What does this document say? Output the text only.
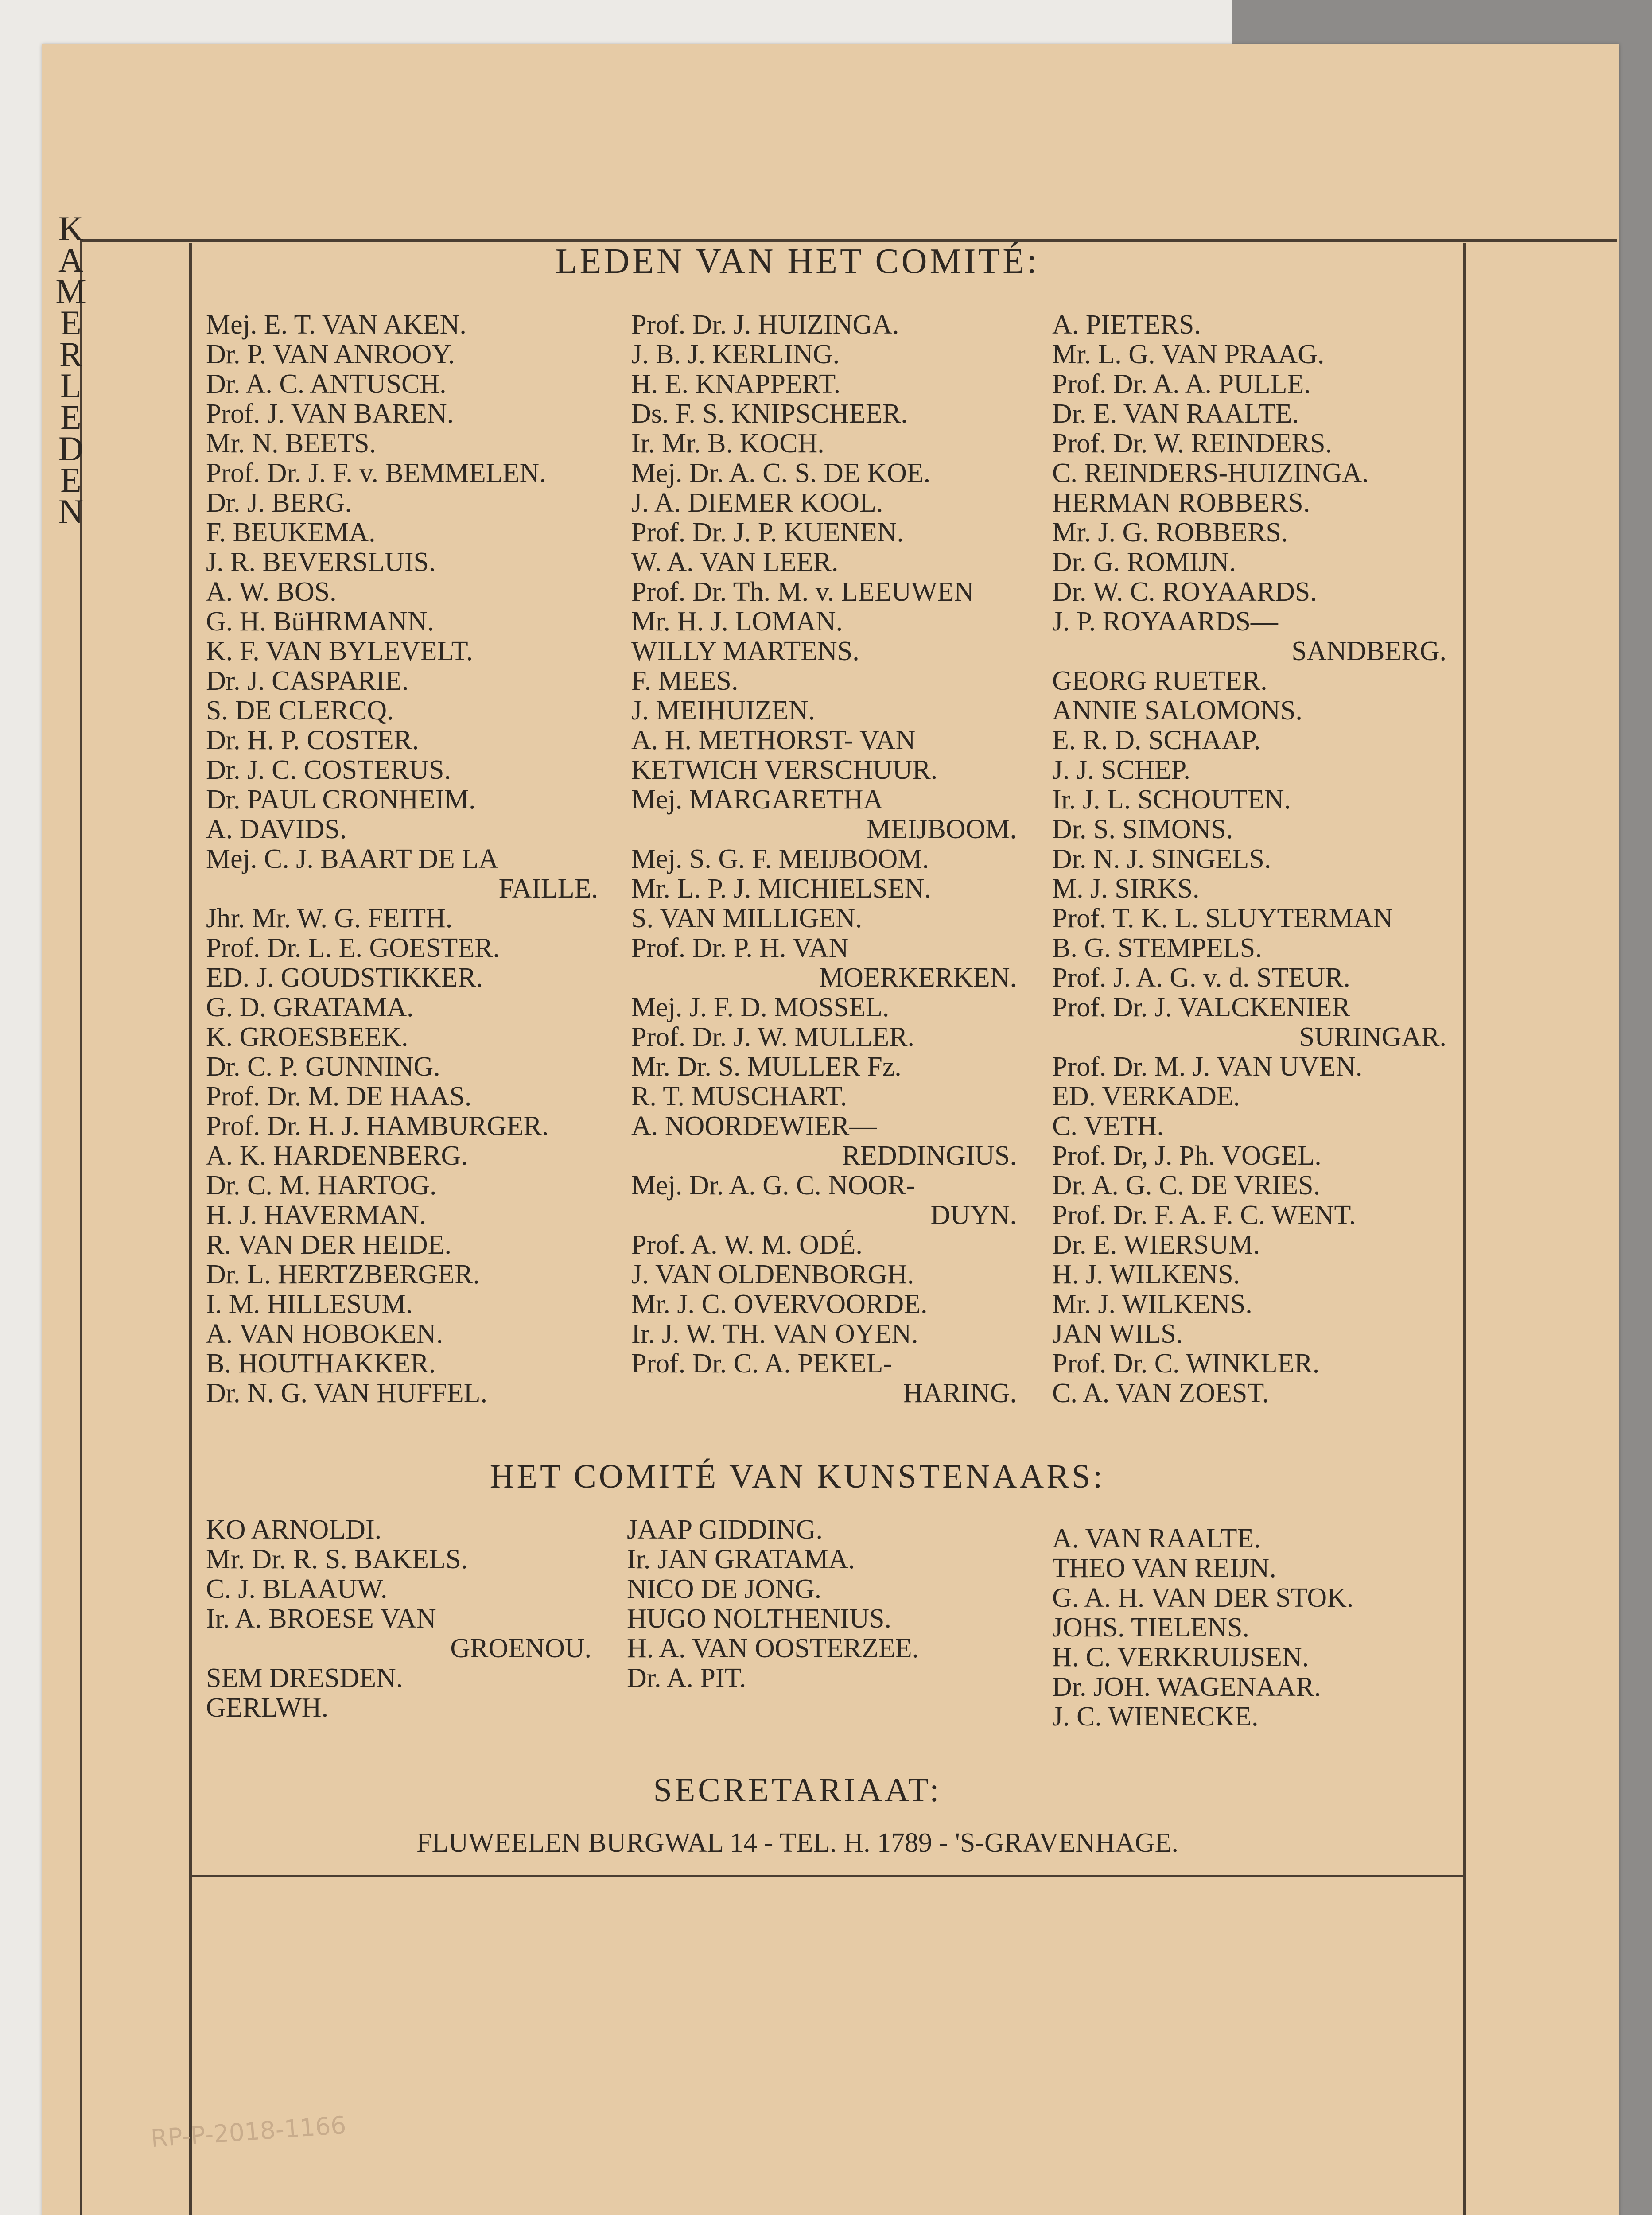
K
A
M
E
R
L
E
D
E
N
LEDEN VAN HET COMITÉ:
Mej. E. T. VAN AKEN.
Dr. P. VAN ANROOY.
Dr. A. C. ANTUSCH.
Prof. J. VAN BAREN.
Mr. N. BEETS.
Prof. Dr. J. F. v. BEMMELEN.
Dr. J. BERG.
F. BEUKEMA.
J. R. BEVERSLUIS.
A. W. BOS.
G. H. BüHRMANN.
K. F. VAN BYLEVELT.
Dr. J. CASPARIE.
S. DE CLERCQ.
Dr. H. P. COSTER.
Dr. J. C. COSTERUS.
Dr. PAUL CRONHEIM.
A. DAVIDS.
Mej. C. J. BAART DE LA
FAILLE.
Jhr. Mr. W. G. FEITH.
Prof. Dr. L. E. GOESTER.
ED. J. GOUDSTIKKER.
G. D. GRATAMA.
K. GROESBEEK.
Dr. C. P. GUNNING.
Prof. Dr. M. DE HAAS.
Prof. Dr. H. J. HAMBURGER.
A. K. HARDENBERG.
Dr. C. M. HARTOG.
H. J. HAVERMAN.
R. VAN DER HEIDE.
Dr. L. HERTZBERGER.
I. M. HILLESUM.
A. VAN HOBOKEN.
B. HOUTHAKKER.
Dr. N. G. VAN HUFFEL.
Prof. Dr. J. HUIZINGA.
J. B. J. KERLING.
H. E. KNAPPERT.
Ds. F. S. KNIPSCHEER.
Ir. Mr. B. KOCH.
Mej. Dr. A. C. S. DE KOE.
J. A. DIEMER KOOL.
Prof. Dr. J. P. KUENEN.
W. A. VAN LEER.
Prof. Dr. Th. M. v. LEEUWEN
Mr. H. J. LOMAN.
WILLY MARTENS.
F. MEES.
J. MEIHUIZEN.
A. H. METHORST- VAN
KETWICH VERSCHUUR.
Mej. MARGARETHA
MEIJBOOM.
Mej. S. G. F. MEIJBOOM.
Mr. L. P. J. MICHIELSEN.
S. VAN MILLIGEN.
Prof. Dr. P. H. VAN
MOERKERKEN.
Mej. J. F. D. MOSSEL.
Prof. Dr. J. W. MULLER.
Mr. Dr. S. MULLER Fz.
R. T. MUSCHART.
A. NOORDEWIER—
REDDINGIUS.
Mej. Dr. A. G. C. NOOR-
DUYN.
Prof. A. W. M. ODÉ.
J. VAN OLDENBORGH.
Mr. J. C. OVERVOORDE.
Ir. J. W. TH. VAN OYEN.
Prof. Dr. C. A. PEKEL-
HARING.
A. PIETERS.
Mr. L. G. VAN PRAAG.
Prof. Dr. A. A. PULLE.
Dr. E. VAN RAALTE.
Prof. Dr. W. REINDERS.
C. REINDERS-HUIZINGA.
HERMAN ROBBERS.
Mr. J. G. ROBBERS.
Dr. G. ROMIJN.
Dr. W. C. ROYAARDS.
J. P. ROYAARDS—
SANDBERG.
GEORG RUETER.
ANNIE SALOMONS.
E. R. D. SCHAAP.
J. J. SCHEP.
Ir. J. L. SCHOUTEN.
Dr. S. SIMONS.
Dr. N. J. SINGELS.
M. J. SIRKS.
Prof. T. K. L. SLUYTERMAN
B. G. STEMPELS.
Prof. J. A. G. v. d. STEUR.
Prof. Dr. J. VALCKENIER
SURINGAR.
Prof. Dr. M. J. VAN UVEN.
ED. VERKADE.
C. VETH.
Prof. Dr, J. Ph. VOGEL.
Dr. A. G. C. DE VRIES.
Prof. Dr. F. A. F. C. WENT.
Dr. E. WIERSUM.
H. J. WILKENS.
Mr. J. WILKENS.
JAN WILS.
Prof. Dr. C. WINKLER.
C. A. VAN ZOEST.
HET COMITÉ VAN KUNSTENAARS:
KO ARNOLDI.
Mr. Dr. R. S. BAKELS.
C. J. BLAAUW.
Ir. A. BROESE VAN
GROENOU.
SEM DRESDEN.
GERLWH.
JAAP GIDDING.
Ir. JAN GRATAMA.
NICO DE JONG.
HUGO NOLTHENIUS.
H. A. VAN OOSTERZEE.
Dr. A. PIT.
A. VAN RAALTE.
THEO VAN REIJN.
G. A. H. VAN DER STOK.
JOHS. TIELENS.
H. C. VERKRUIJSEN.
Dr. JOH. WAGENAAR.
J. C. WIENECKE.
SECRETARIAAT:
FLUWEELEN BURGWAL 14 - TEL. H. 1789 - 'S-GRAVENHAGE.
RP-P-2018-1166
